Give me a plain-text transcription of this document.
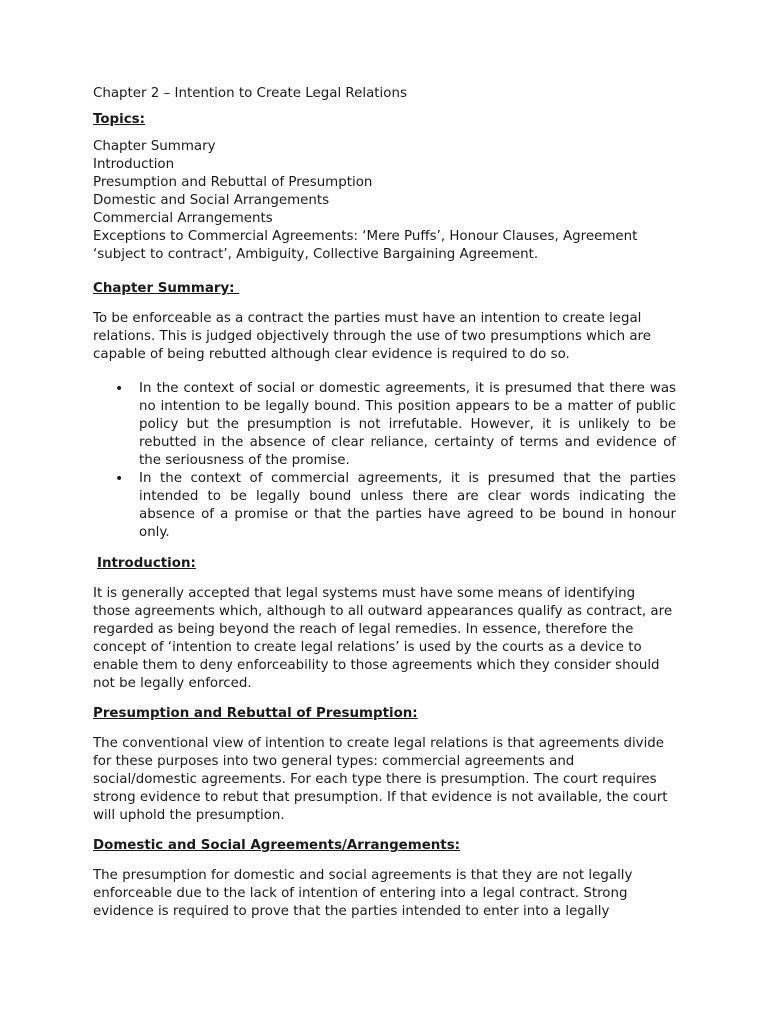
Chapter 2 – Intention to Create Legal Relations

Topics:

Chapter Summary
Introduction
Presumption and Rebuttal of Presumption
Domestic and Social Arrangements
Commercial Arrangements
Exceptions to Commercial Agreements: ‘Mere Puffs’, Honour Clauses, Agreement ‘subject to contract’, Ambiguity, Collective Bargaining Agreement.

Chapter Summary:

To be enforceable as a contract the parties must have an intention to create legal relations. This is judged objectively through the use of two presumptions which are capable of being rebutted although clear evidence is required to do so.

• In the context of social or domestic agreements, it is presumed that there was no intention to be legally bound. This position appears to be a matter of public policy but the presumption is not irrefutable. However, it is unlikely to be rebutted in the absence of clear reliance, certainty of terms and evidence of the seriousness of the promise.
• In the context of commercial agreements, it is presumed that the parties intended to be legally bound unless there are clear words indicating the absence of a promise or that the parties have agreed to be bound in honour only.

Introduction:

It is generally accepted that legal systems must have some means of identifying those agreements which, although to all outward appearances qualify as contract, are regarded as being beyond the reach of legal remedies. In essence, therefore the concept of ‘intention to create legal relations’ is used by the courts as a device to enable them to deny enforceability to those agreements which they consider should not be legally enforced.

Presumption and Rebuttal of Presumption:

The conventional view of intention to create legal relations is that agreements divide for these purposes into two general types: commercial agreements and social/domestic agreements. For each type there is presumption. The court requires strong evidence to rebut that presumption. If that evidence is not available, the court will uphold the presumption.

Domestic and Social Agreements/Arrangements:

The presumption for domestic and social agreements is that they are not legally enforceable due to the lack of intention of entering into a legal contract. Strong evidence is required to prove that the parties intended to enter into a legally
